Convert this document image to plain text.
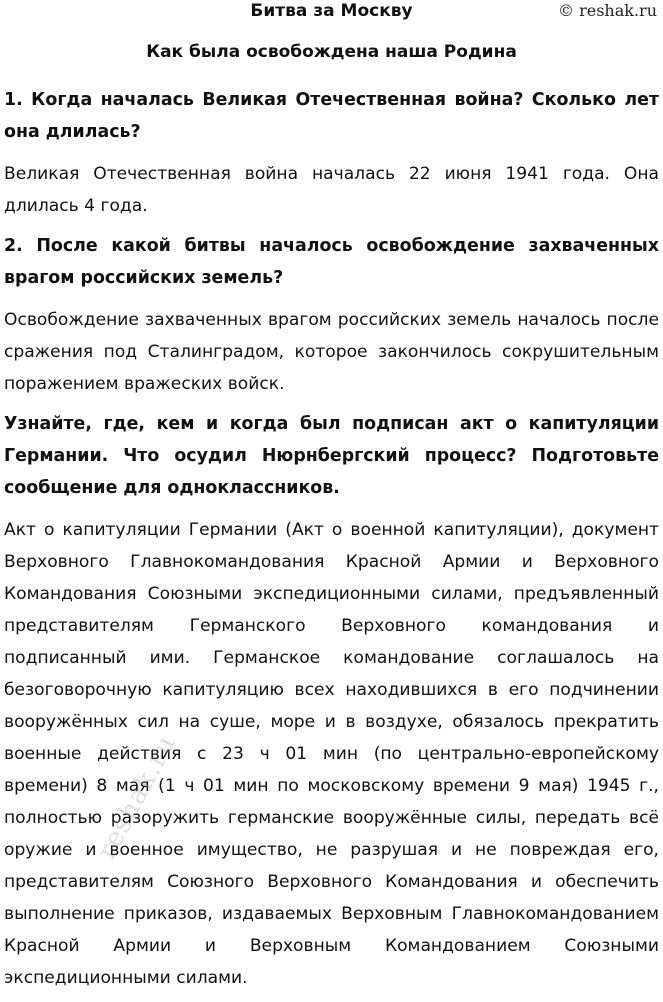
Битва за Москву	© reshak.ru
Как была освобождена наша Родина
1. Когда началась Великая Отечественная война? Сколько лет она длилась?
Великая Отечественная война началась 22 июня 1941 года. Она длилась 4 года.
2. После какой битвы началось освобождение захваченных врагом российских земель?
Освобождение захваченных врагом российских земель началось после сражения под Сталинградом, которое закончилось сокрушительным поражением вражеских войск.
Узнайте, где, кем и когда был подписан акт о капитуляции Германии. Что осудил Нюрнбергский процесс? Подготовьте сообщение для одноклассников.
Акт о капитуляции Германии (Акт о военной капитуляции), документ Верховного Главнокомандования Красной Армии и Верховного Командования Союзными экспедиционными силами, предъявленный представителям Германского Верховного командования и подписанный ими. Германское командование соглашалось на безоговорочную капитуляцию всех находившихся в его подчинении вооружённых сил на суше, море и в воздухе, обязалось прекратить военные действия с 23 ч 01 мин (по центрально-европейскому времени) 8 мая (1 ч 01 мин по московскому времени 9 мая) 1945 г., полностью разоружить германские вооружённые силы, передать всё оружие и военное имущество, не разрушая и не повреждая его, представителям Союзного Верховного Командования и обеспечить выполнение приказов, издаваемых Верховным Главнокомандованием Красной Армии и Верховным Командованием Союзными экспедиционными силами.
reshak.ru
